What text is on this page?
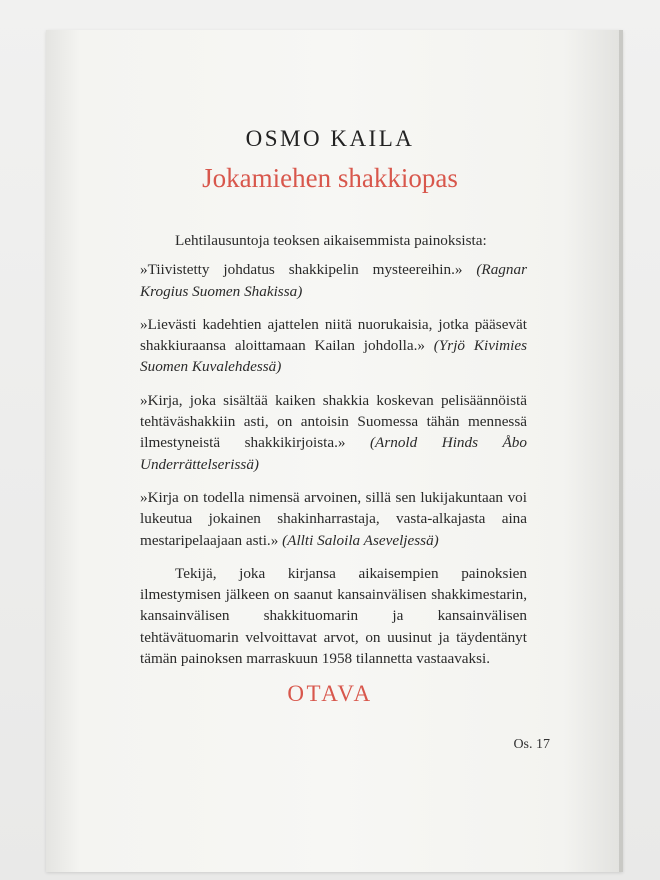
OSMO KAILA
Jokamiehen shakkiopas

Lehtilausuntoja teoksen aikaisemmista painoksista:

»Tiivistetty johdatus shakkipelin mysteereihin.» (Ragnar Krogius Suomen Shakissa)

»Lievästi kadehtien ajattelen niitä nuorukaisia, jotka pääsevät shakkiuraansa aloittamaan Kailan johdolla.» (Yrjö Kivimies Suomen Kuvalehdessä)

»Kirja, joka sisältää kaiken shakkia koskevan pelisäännöistä tehtäväshakkiin asti, on antoisin Suomessa tähän mennessä ilmestyneistä shakkikirjoista.» (Arnold Hinds Åbo Underrättelserissä)

»Kirja on todella nimensä arvoinen, sillä sen lukijakuntaan voi lukeutua jokainen shakinharrastaja, vasta-alkajasta aina mestaripelaajaan asti.» (Allti Saloila Aseveljessä)

Tekijä, joka kirjansa aikaisempien painoksien ilmestymisen jälkeen on saanut kansainvälisen shakkimestarin, kansainvälisen shakkituomarin ja kansainvälisen tehtävätuomarin velvoittavat arvot, on uusinut ja täydentänyt tämän painoksen marraskuun 1958 tilannetta vastaavaksi.

OTAVA
Os. 17
